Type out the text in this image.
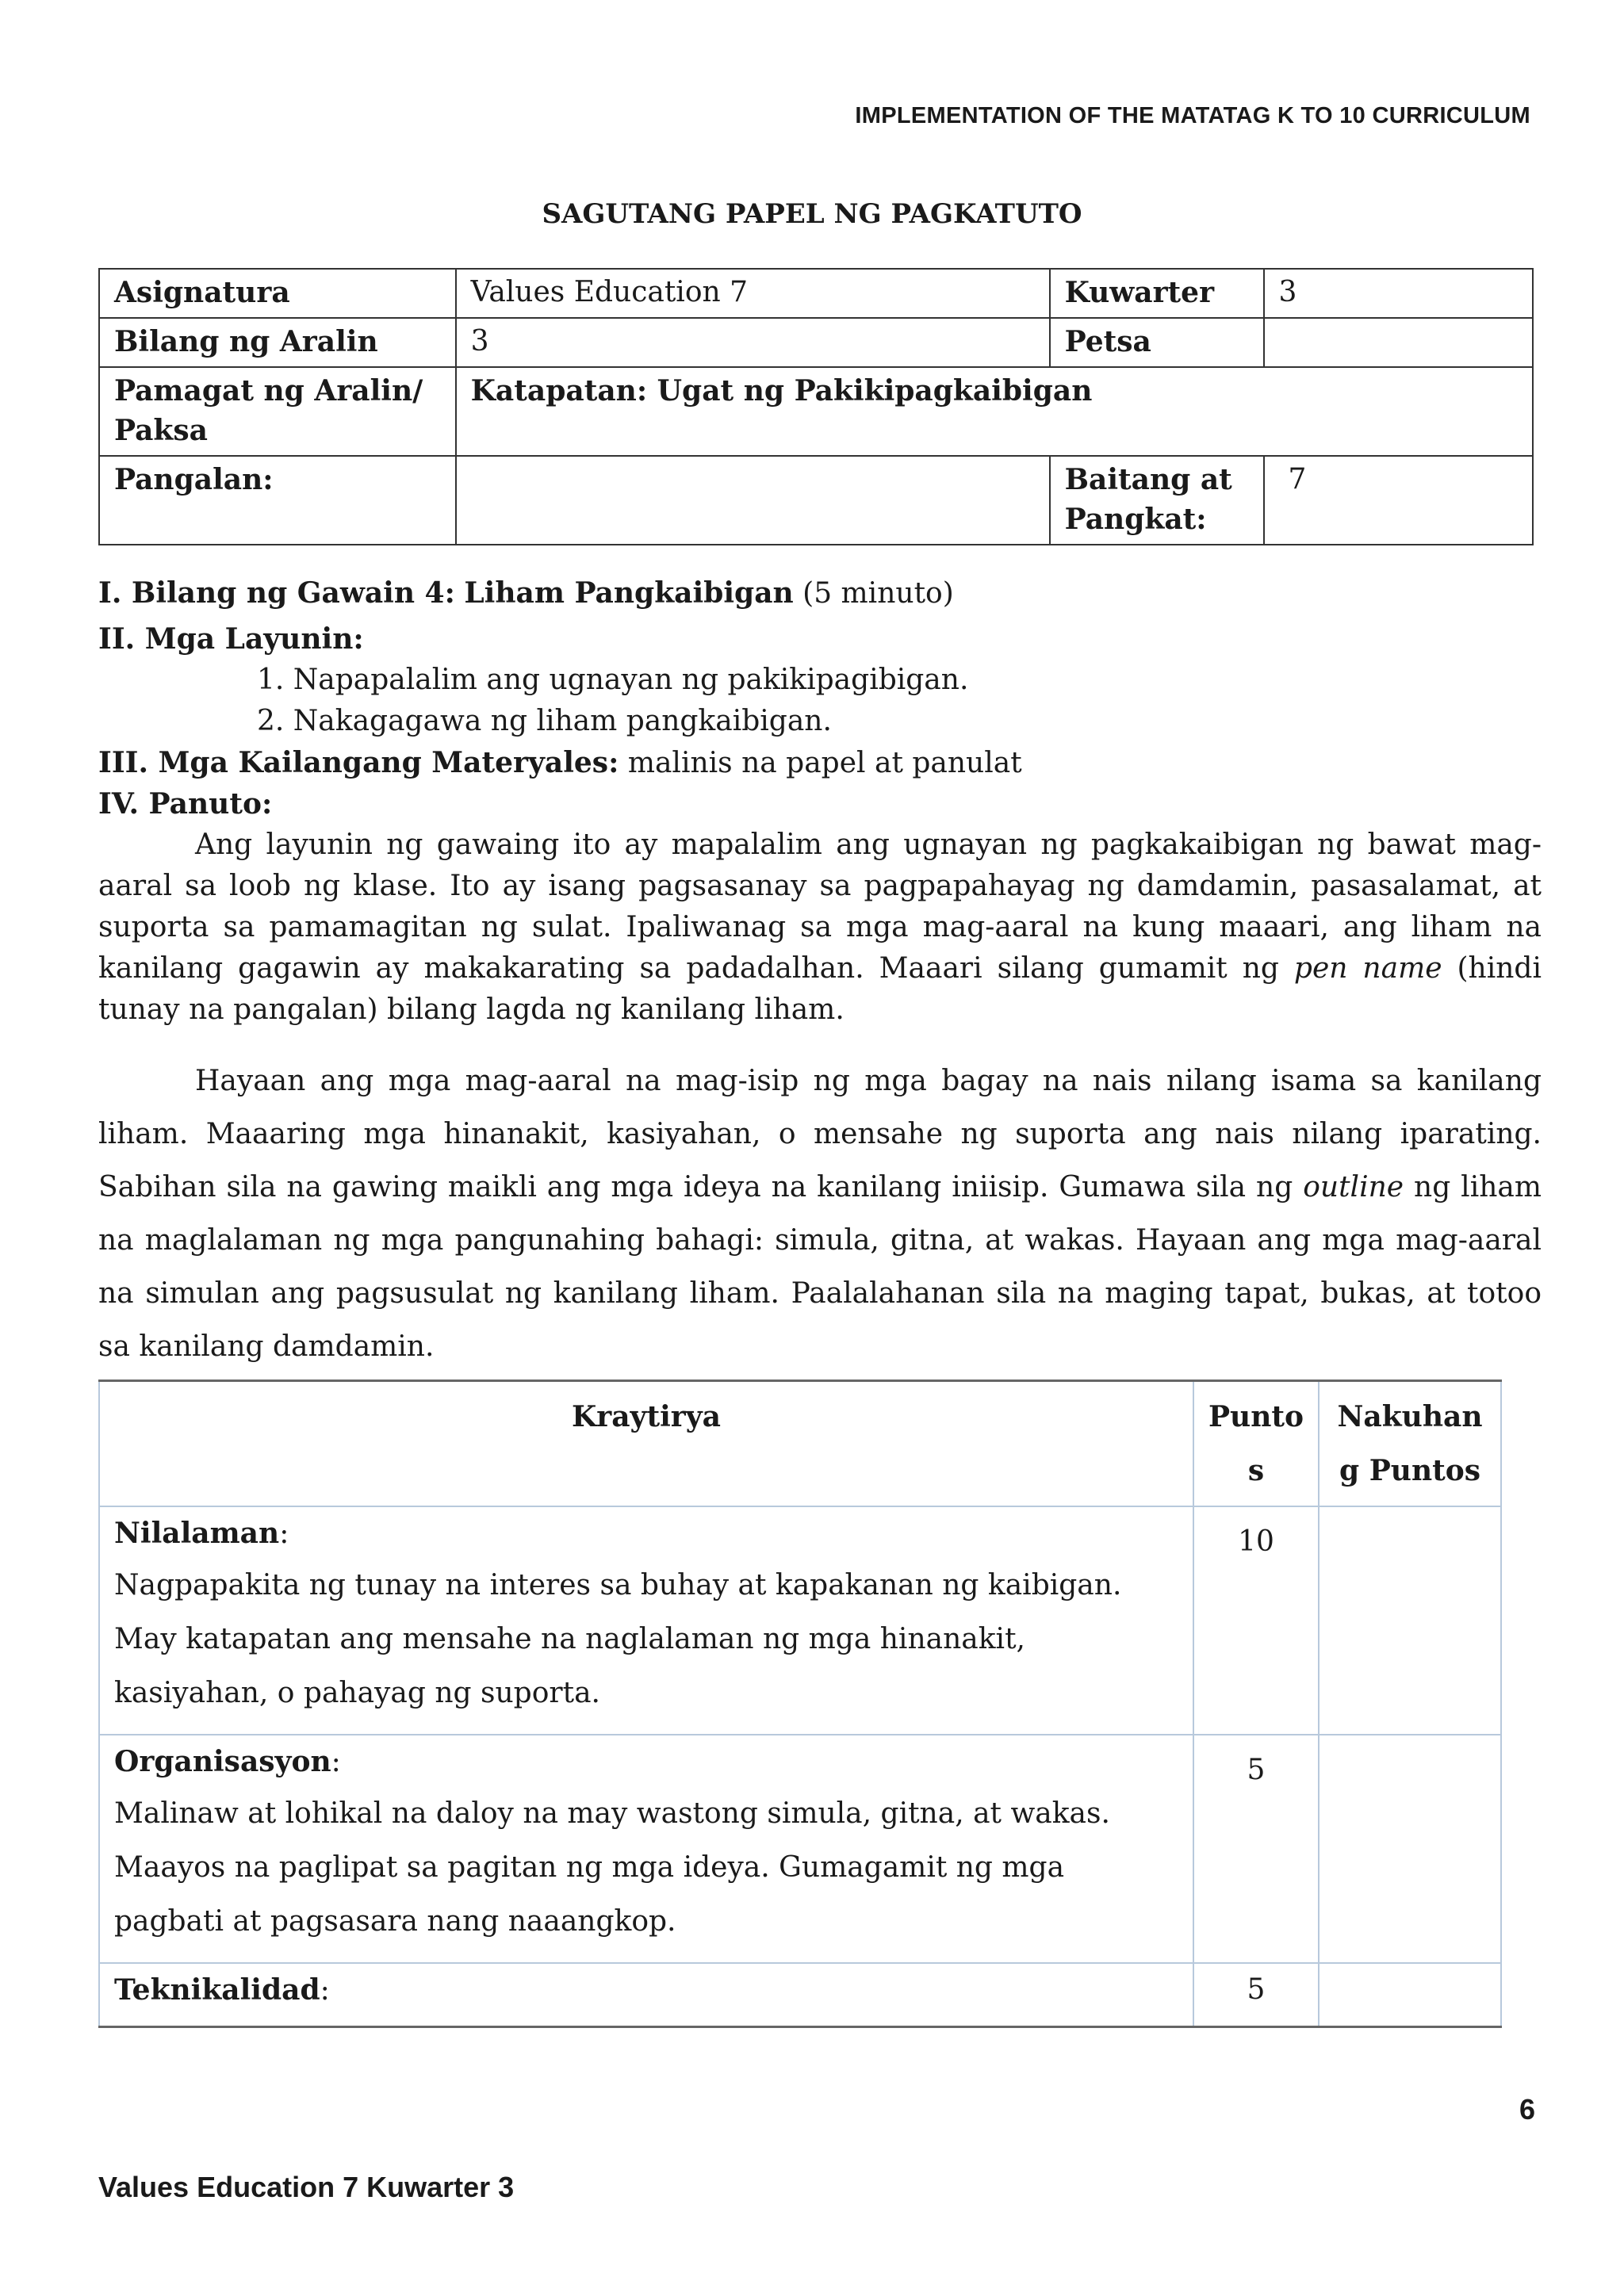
IMPLEMENTATION OF THE MATATAG K TO 10 CURRICULUM
SAGUTANG PAPEL NG PAGKATUTO
Asignatura	Values Education 7	Kuwarter	3
Bilang ng Aralin	3	Petsa	
Pamagat ng Aralin/ Paksa	Katapatan: Ugat ng Pakikipagkaibigan		
Pangalan:		Baitang at Pangkat:	7
I. Bilang ng Gawain 4: Liham Pangkaibigan (5 minuto)
II. Mga Layunin:
1. Napapalalim ang ugnayan ng pakikipagibigan.
2. Nakagagawa ng liham pangkaibigan.
III. Mga Kailangang Materyales: malinis na papel at panulat
IV. Panuto:
Ang layunin ng gawaing ito ay mapalalim ang ugnayan ng pagkakaibigan ng bawat mag-aaral sa loob ng klase. Ito ay isang pagsasanay sa pagpapahayag ng damdamin, pasasalamat, at suporta sa pamamagitan ng sulat. Ipaliwanag sa mga mag-aaral na kung maaari, ang liham na kanilang gagawin ay makakarating sa padadalhan. Maaari silang gumamit ng pen name (hindi tunay na pangalan) bilang lagda ng kanilang liham.
Hayaan ang mga mag-aaral na mag-isip ng mga bagay na nais nilang isama sa kanilang liham. Maaaring mga hinanakit, kasiyahan, o mensahe ng suporta ang nais nilang iparating. Sabihan sila na gawing maikli ang mga ideya na kanilang iniisip. Gumawa sila ng outline ng liham na maglalaman ng mga pangunahing bahagi: simula, gitna, at wakas. Hayaan ang mga mag-aaral na simulan ang pagsusulat ng kanilang liham. Paalalahanan sila na maging tapat, bukas, at totoo sa kanilang damdamin.
Kraytirya	Punto s	Nakuhan g Puntos

Nilalaman:
Nagpapakita ng tunay na interes sa buhay at kapakanan ng kaibigan. May katapatan ang mensahe na naglalaman ng mga hinanakit, kasiyahan, o pahayag ng suporta.	10	

Organisasyon:
Malinaw at lohikal na daloy na may wastong simula, gitna, at wakas. Maayos na paglipat sa pagitan ng mga ideya. Gumagamit ng mga pagbati at pagsasara nang naaangkop.	5	

Teknikalidad:	5	
6
Values Education 7 Kuwarter 3
